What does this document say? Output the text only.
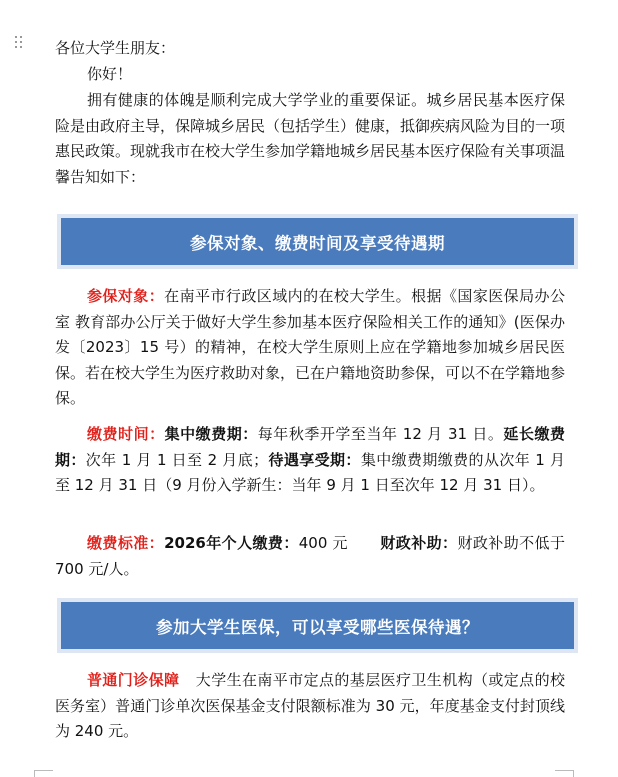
各位大学生朋友：

你好！

拥有健康的体魄是顺利完成大学学业的重要保证。城乡居民基本医疗保险是由政府主导，保障城乡居民（包括学生）健康，抵御疾病风险为目的一项惠民政策。现就我市在校大学生参加学籍地城乡居民基本医疗保险有关事项温馨告知如下：

参保对象、缴费时间及享受待遇期

参保对象：在南平市行政区域内的在校大学生。根据《国家医保局办公室 教育部办公厅关于做好大学生参加基本医疗保险相关工作的通知》(医保办发〔2023〕15 号）的精神，在校大学生原则上应在学籍地参加城乡居民医保。若在校大学生为医疗救助对象，已在户籍地资助参保，可以不在学籍地参保。

缴费时间：集中缴费期：每年秋季开学至当年 12 月 31 日。延长缴费期：次年 1 月 1 日至 2 月底；待遇享受期：集中缴费期缴费的从次年 1 月至 12 月 31 日（9 月份入学新生：当年 9 月 1 日至次年 12 月 31 日）。

缴费标准：2026年个人缴费：400 元 财政补助：财政补助不低于 700 元/人。

参加大学生医保，可以享受哪些医保待遇？

普通门诊保障 大学生在南平市定点的基层医疗卫生机构（或定点的校医务室）普通门诊单次医保基金支付限额标准为 30 元，年度基金支付封顶线为 240 元。
